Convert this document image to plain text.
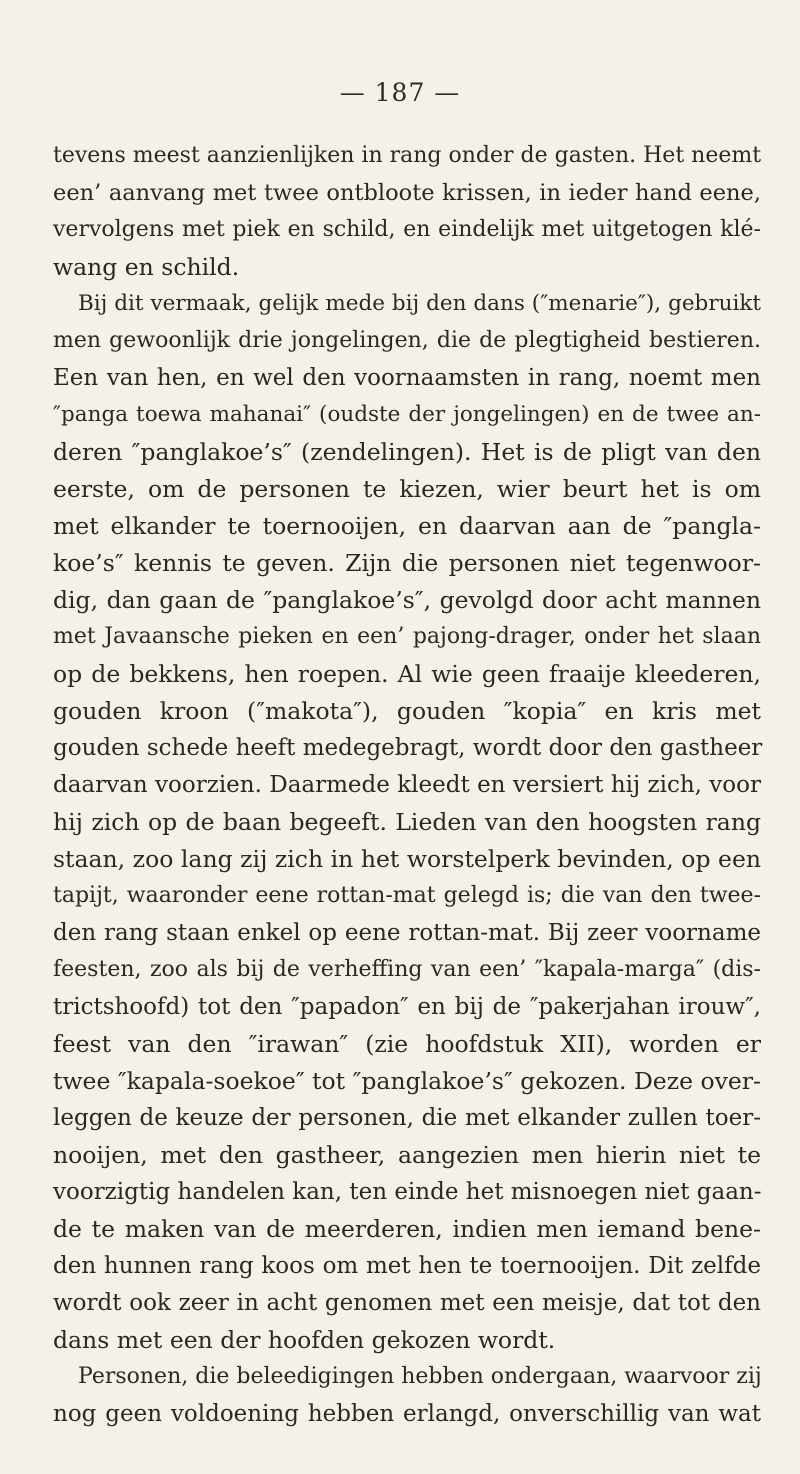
— 187 —
tevens meest aanzienlijken in rang onder de gasten. Het neemt
een’ aanvang met twee ontbloote krissen, in ieder hand eene,
vervolgens met piek en schild, en eindelijk met uitgetogen klé-
wang en schild.
Bij dit vermaak, gelijk mede bij den dans (″menarie″), gebruikt
men gewoonlijk drie jongelingen, die de plegtigheid bestieren.
Een van hen, en wel den voornaamsten in rang, noemt men
″panga toewa mahanai″ (oudste der jongelingen) en de twee an-
deren ″panglakoe’s″ (zendelingen). Het is de pligt van den
eerste, om de personen te kiezen, wier beurt het is om
met elkander te toernooijen, en daarvan aan de ″pangla-
koe’s″ kennis te geven. Zijn die personen niet tegenwoor-
dig, dan gaan de ″panglakoe’s″, gevolgd door acht mannen
met Javaansche pieken en een’ pajong-drager, onder het slaan
op de bekkens, hen roepen. Al wie geen fraaije kleederen,
gouden kroon (″makota″), gouden ″kopia″ en kris met
gouden schede heeft medegebragt, wordt door den gastheer
daarvan voorzien. Daarmede kleedt en versiert hij zich, voor
hij zich op de baan begeeft. Lieden van den hoogsten rang
staan, zoo lang zij zich in het worstelperk bevinden, op een
tapijt, waaronder eene rottan-mat gelegd is; die van den twee-
den rang staan enkel op eene rottan-mat. Bij zeer voorname
feesten, zoo als bij de verheffing van een’ ″kapala-marga″ (dis-
trictshoofd) tot den ″papadon″ en bij de ″pakerjahan irouw″,
feest van den ″irawan″ (zie hoofdstuk XII), worden er
twee ″kapala-soekoe″ tot ″panglakoe’s″ gekozen. Deze over-
leggen de keuze der personen, die met elkander zullen toer-
nooijen, met den gastheer, aangezien men hierin niet te
voorzigtig handelen kan, ten einde het misnoegen niet gaan-
de te maken van de meerderen, indien men iemand bene-
den hunnen rang koos om met hen te toernooijen. Dit zelfde
wordt ook zeer in acht genomen met een meisje, dat tot den
dans met een der hoofden gekozen wordt.
Personen, die beleedigingen hebben ondergaan, waarvoor zij
nog geen voldoening hebben erlangd, onverschillig van wat
